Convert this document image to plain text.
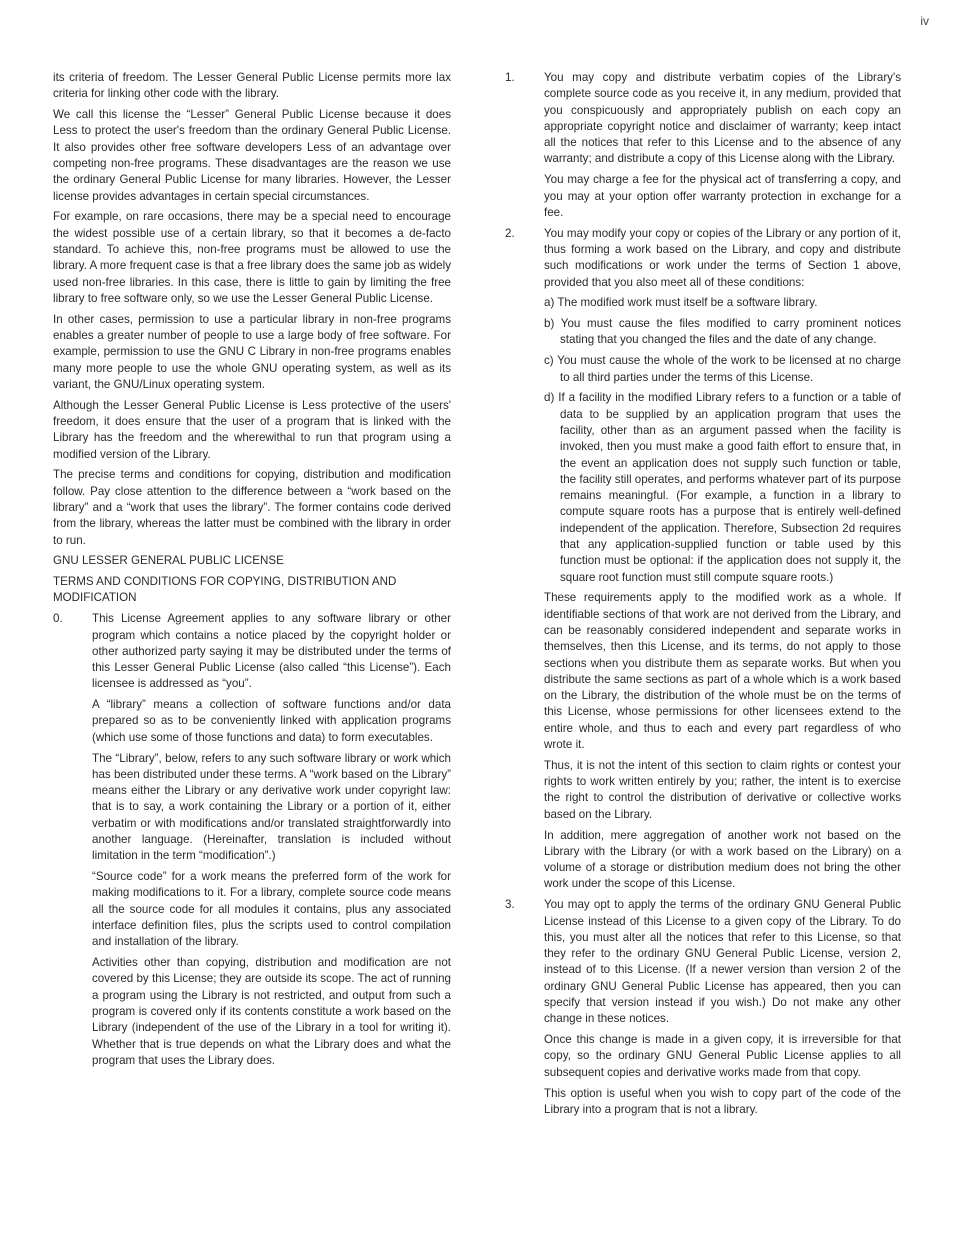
iv

its criteria of freedom. The Lesser General Public License permits more lax criteria for linking other code with the library.

We call this license the “Lesser” General Public License because it does Less to protect the user's freedom than the ordinary General Public License. It also provides other free software developers Less of an advantage over competing non-free programs. These disadvantages are the reason we use the ordinary General Public License for many libraries. However, the Lesser license provides advantages in certain special circumstances.

For example, on rare occasions, there may be a special need to encourage the widest possible use of a certain library, so that it becomes a de-facto standard. To achieve this, non-free programs must be allowed to use the library. A more frequent case is that a free library does the same job as widely used non-free libraries. In this case, there is little to gain by limiting the free library to free software only, so we use the Lesser General Public License.

In other cases, permission to use a particular library in non-free programs enables a greater number of people to use a large body of free software. For example, permission to use the GNU C Library in non-free programs enables many more people to use the whole GNU operating system, as well as its variant, the GNU/Linux operating system.

Although the Lesser General Public License is Less protective of the users' freedom, it does ensure that the user of a program that is linked with the Library has the freedom and the wherewithal to run that program using a modified version of the Library.

The precise terms and conditions for copying, distribution and modification follow. Pay close attention to the difference between a “work based on the library” and a “work that uses the library”. The former contains code derived from the library, whereas the latter must be combined with the library in order to run.

GNU LESSER GENERAL PUBLIC LICENSE

TERMS AND CONDITIONS FOR COPYING, DISTRIBUTION AND MODIFICATION

0.	This License Agreement applies to any software library or other program which contains a notice placed by the copyright holder or other authorized party saying it may be distributed under the terms of this Lesser General Public License (also called “this License”). Each licensee is addressed as “you”.

A “library” means a collection of software functions and/or data prepared so as to be conveniently linked with application programs (which use some of those functions and data) to form executables.

The “Library”, below, refers to any such software library or work which has been distributed under these terms. A “work based on the Library” means either the Library or any derivative work under copyright law: that is to say, a work containing the Library or a portion of it, either verbatim or with modifications and/or translated straightforwardly into another language. (Hereinafter, translation is included without limitation in the term “modification”.)

“Source code” for a work means the preferred form of the work for making modifications to it. For a library, complete source code means all the source code for all modules it contains, plus any associated interface definition files, plus the scripts used to control compilation and installation of the library.

Activities other than copying, distribution and modification are not covered by this License; they are outside its scope. The act of running a program using the Library is not restricted, and output from such a program is covered only if its contents constitute a work based on the Library (independent of the use of the Library in a tool for writing it). Whether that is true depends on what the Library does and what the program that uses the Library does.

1.	You may copy and distribute verbatim copies of the Library's complete source code as you receive it, in any medium, provided that you conspicuously and appropriately publish on each copy an appropriate copyright notice and disclaimer of warranty; keep intact all the notices that refer to this License and to the absence of any warranty; and distribute a copy of this License along with the Library.

You may charge a fee for the physical act of transferring a copy, and you may at your option offer warranty protection in exchange for a fee.

2.	You may modify your copy or copies of the Library or any portion of it, thus forming a work based on the Library, and copy and distribute such modifications or work under the terms of Section 1 above, provided that you also meet all of these conditions:

a) The modified work must itself be a software library.

b) You must cause the files modified to carry prominent notices stating that you changed the files and the date of any change.

c) You must cause the whole of the work to be licensed at no charge to all third parties under the terms of this License.

d) If a facility in the modified Library refers to a function or a table of data to be supplied by an application program that uses the facility, other than as an argument passed when the facility is invoked, then you must make a good faith effort to ensure that, in the event an application does not supply such function or table, the facility still operates, and performs whatever part of its purpose remains meaningful. (For example, a function in a library to compute square roots has a purpose that is entirely well-defined independent of the application. Therefore, Subsection 2d requires that any application-supplied function or table used by this function must be optional: if the application does not supply it, the square root function must still compute square roots.)

These requirements apply to the modified work as a whole. If identifiable sections of that work are not derived from the Library, and can be reasonably considered independent and separate works in themselves, then this License, and its terms, do not apply to those sections when you distribute them as separate works. But when you distribute the same sections as part of a whole which is a work based on the Library, the distribution of the whole must be on the terms of this License, whose permissions for other licensees extend to the entire whole, and thus to each and every part regardless of who wrote it.

Thus, it is not the intent of this section to claim rights or contest your rights to work written entirely by you; rather, the intent is to exercise the right to control the distribution of derivative or collective works based on the Library.

In addition, mere aggregation of another work not based on the Library with the Library (or with a work based on the Library) on a volume of a storage or distribution medium does not bring the other work under the scope of this License.

3.	You may opt to apply the terms of the ordinary GNU General Public License instead of this License to a given copy of the Library. To do this, you must alter all the notices that refer to this License, so that they refer to the ordinary GNU General Public License, version 2, instead of to this License. (If a newer version than version 2 of the ordinary GNU General Public License has appeared, then you can specify that version instead if you wish.) Do not make any other change in these notices.

Once this change is made in a given copy, it is irreversible for that copy, so the ordinary GNU General Public License applies to all subsequent copies and derivative works made from that copy.

This option is useful when you wish to copy part of the code of the Library into a program that is not a library.
